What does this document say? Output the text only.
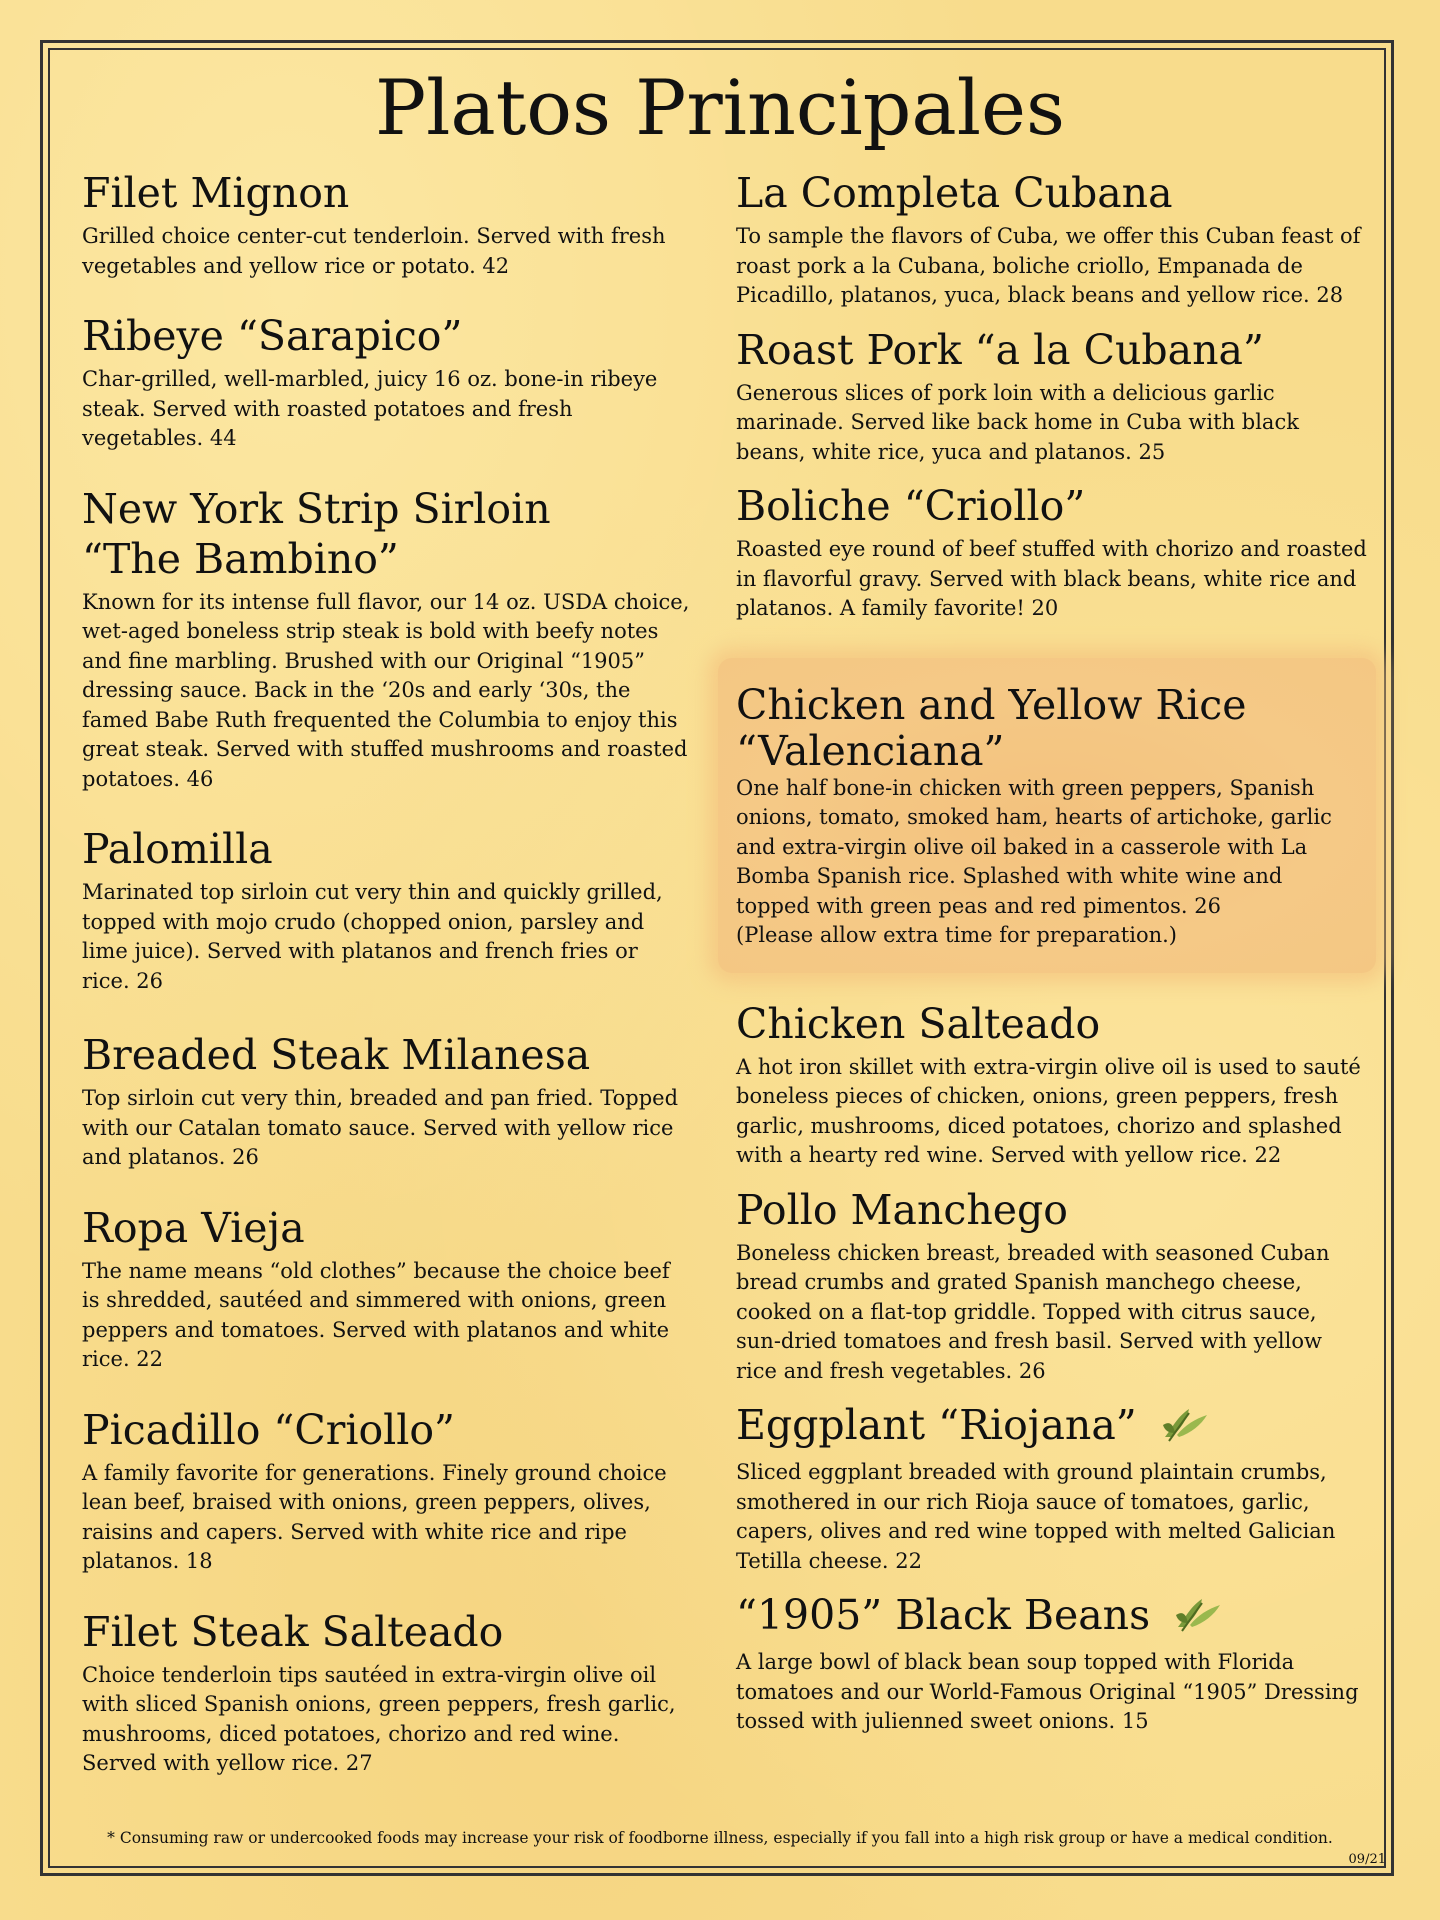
Platos Principales
Filet Mignon

Grilled choice center-cut tenderloin. Served with fresh vegetables and yellow rice or potato. 42

Ribeye “Sarapico”

Char-grilled, well-marbled, juicy 16 oz. bone-in ribeye steak. Served with roasted potatoes and fresh vegetables. 44

New York Strip Sirloin
“The Bambino”

Known for its intense full flavor, our 14 oz. USDA choice, wet-aged boneless strip steak is bold with beefy notes and fine marbling. Brushed with our Original “1905” dressing sauce. Back in the ‘20s and early ‘30s, the famed Babe Ruth frequented the Columbia to enjoy this great steak. Served with stuffed mushrooms and roasted potatoes. 46

Palomilla

Marinated top sirloin cut very thin and quickly grilled, topped with mojo crudo (chopped onion, parsley and lime juice). Served with platanos and french fries or rice. 26

Breaded Steak Milanesa

Top sirloin cut very thin, breaded and pan fried. Topped with our Catalan tomato sauce. Served with yellow rice and platanos. 26

Ropa Vieja

The name means “old clothes” because the choice beef is shredded, sautéed and simmered with onions, green peppers and tomatoes. Served with platanos and white rice. 22

Picadillo “Criollo”

A family favorite for generations. Finely ground choice lean beef, braised with onions, green peppers, olives, raisins and capers. Served with white rice and ripe platanos. 18

Filet Steak Salteado

Choice tenderloin tips sautéed in extra-virgin olive oil with sliced Spanish onions, green peppers, fresh garlic, mushrooms, diced potatoes, chorizo and red wine. Served with yellow rice. 27

La Completa Cubana

To sample the flavors of Cuba, we offer this Cuban feast of roast pork a la Cubana, boliche criollo, Empanada de Picadillo, platanos, yuca, black beans and yellow rice. 28

Roast Pork “a la Cubana”

Generous slices of pork loin with a delicious garlic marinade. Served like back home in Cuba with black beans, white rice, yuca and platanos. 25

Boliche “Criollo”

Roasted eye round of beef stuffed with chorizo and roasted in flavorful gravy. Served with black beans, white rice and platanos. A family favorite! 20

Chicken and Yellow Rice
“Valenciana”

One half bone-in chicken with green peppers, Spanish onions, tomato, smoked ham, hearts of artichoke, garlic and extra-virgin olive oil baked in a casserole with La Bomba Spanish rice. Splashed with white wine and topped with green peas and red pimentos. 26

(Please allow extra time for preparation.)

Chicken Salteado

A hot iron skillet with extra-virgin olive oil is used to sauté boneless pieces of chicken, onions, green peppers, fresh garlic, mushrooms, diced potatoes, chorizo and splashed with a hearty red wine. Served with yellow rice. 22

Pollo Manchego

Boneless chicken breast, breaded with seasoned Cuban bread crumbs and grated Spanish manchego cheese, cooked on a flat-top griddle. Topped with citrus sauce, sun-dried tomatoes and fresh basil. Served with yellow rice and fresh vegetables. 26

Eggplant “Riojana”

Sliced eggplant breaded with ground plaintain crumbs, smothered in our rich Rioja sauce of tomatoes, garlic, capers, olives and red wine topped with melted Galician Tetilla cheese. 22

“1905” Black Beans

A large bowl of black bean soup topped with Florida tomatoes and our World-Famous Original “1905” Dressing tossed with julienned sweet onions. 15

* Consuming raw or undercooked foods may increase your risk of foodborne illness, especially if you fall into a high risk group or have a medical condition.
09/21
